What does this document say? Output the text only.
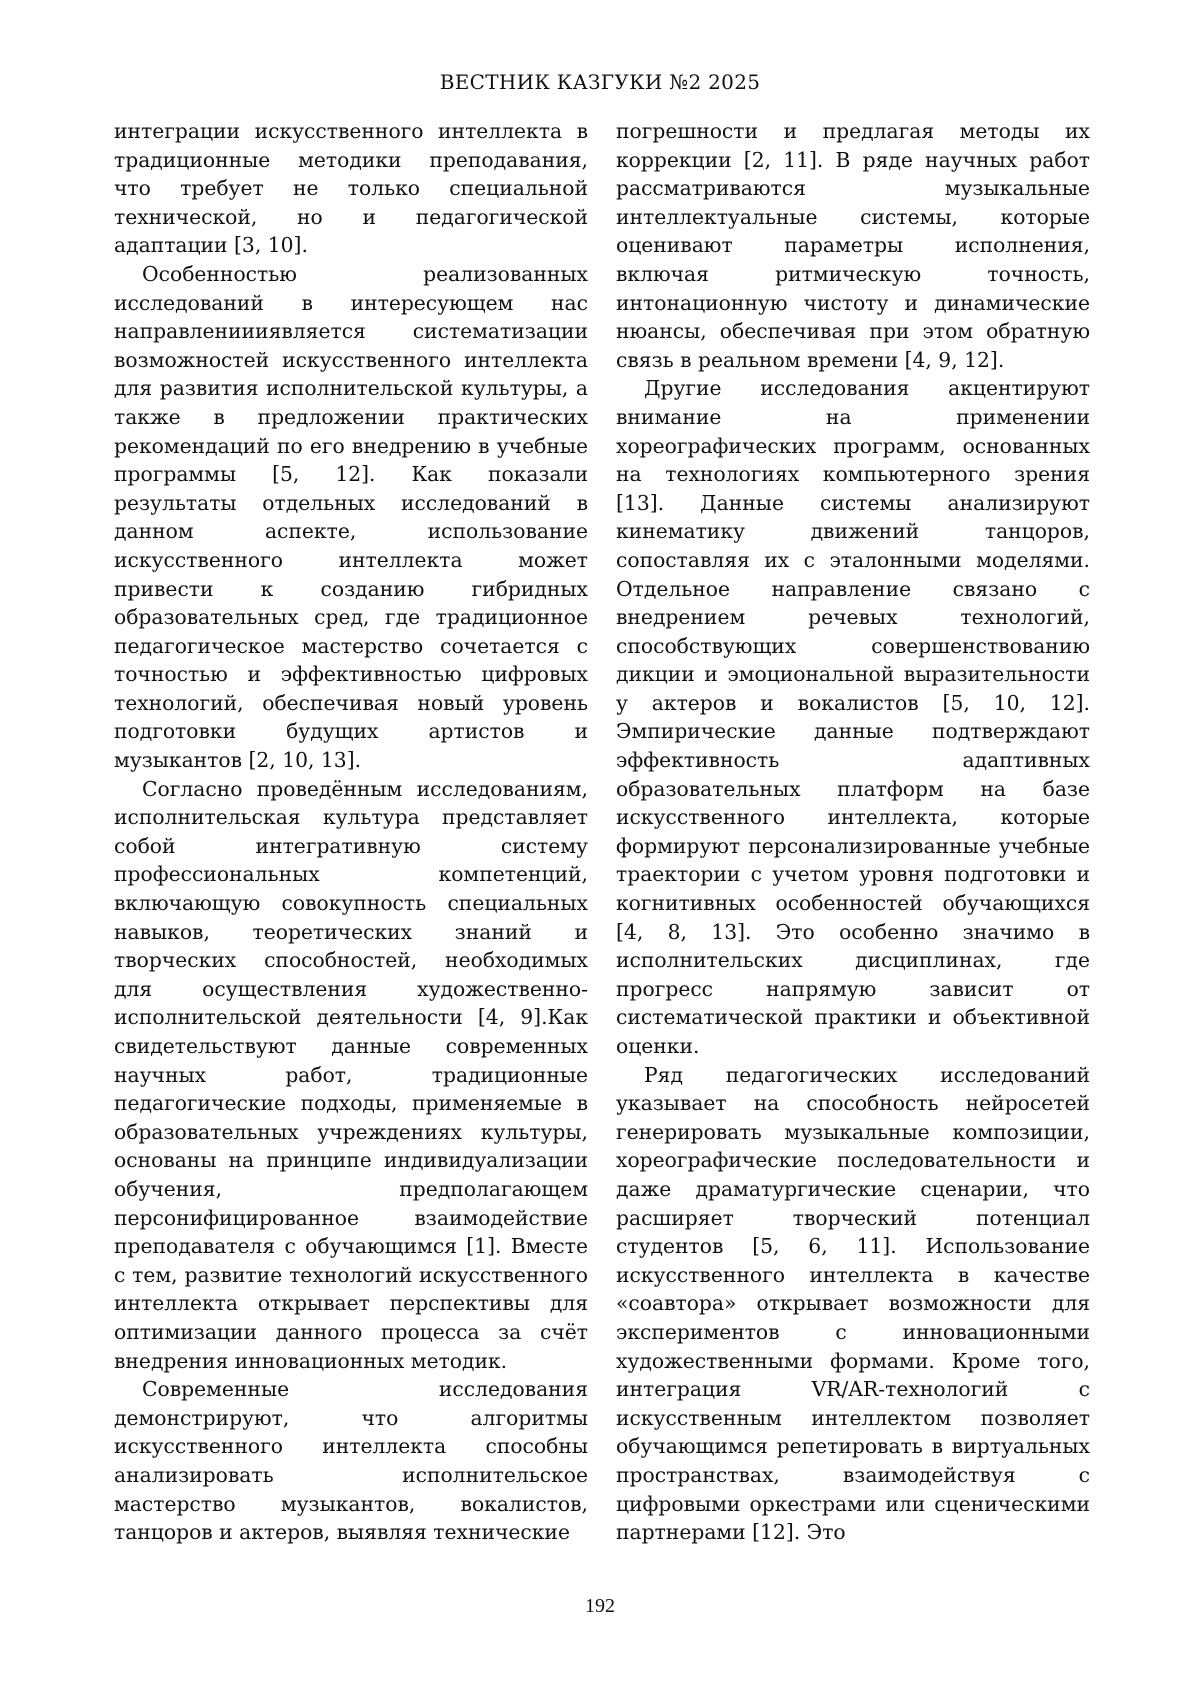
ВЕСТНИК КАЗГУКИ №2 2025

интеграции искусственного интеллекта в традиционные методики преподавания, что требует не только специальной технической, но и педагогической адаптации [3, 10].

Особенностью реализованных исследований в интересующем нас направлениииявляется систематизации возможностей искусственного интеллекта для развития исполнительской культуры, а также в предложении практических рекомендаций по его внедрению в учебные программы [5, 12]. Как показали результаты отдельных исследований в данном аспекте, использование искусственного интеллекта может привести к созданию гибридных образовательных сред, где традиционное педагогическое мастерство сочетается с точностью и эффективностью цифровых технологий, обеспечивая новый уровень подготовки будущих артистов и музыкантов [2, 10, 13].

Согласно проведённым исследованиям, исполнительская культура представляет собой интегративную систему профессиональных компетенций, включающую совокупность специальных навыков, теоретических знаний и творческих способностей, необходимых для осуществления художественно-исполнительской деятельности [4, 9].Как свидетельствуют данные современных научных работ, традиционные педагогические подходы, применяемые в образовательных учреждениях культуры, основаны на принципе индивидуализации обучения, предполагающем персонифицированное взаимодействие преподавателя с обучающимся [1]. Вместе с тем, развитие технологий искусственного интеллекта открывает перспективы для оптимизации данного процесса за счёт внедрения инновационных методик.

Современные исследования демонстрируют, что алгоритмы искусственного интеллекта способны анализировать исполнительское мастерство музыкантов, вокалистов, танцоров и актеров, выявляя технические

погрешности и предлагая методы их коррекции [2, 11]. В ряде научных работ рассматриваются музыкальные интеллектуальные системы, которые оценивают параметры исполнения, включая ритмическую точность, интонационную чистоту и динамические нюансы, обеспечивая при этом обратную связь в реальном времени [4, 9, 12].

Другие исследования акцентируют внимание на применении хореографических программ, основанных на технологиях компьютерного зрения [13]. Данные системы анализируют кинематику движений танцоров, сопоставляя их с эталонными моделями. Отдельное направление связано с внедрением речевых технологий, способствующих совершенствованию дикции и эмоциональной выразительности у актеров и вокалистов [5, 10, 12]. Эмпирические данные подтверждают эффективность адаптивных образовательных платформ на базе искусственного интеллекта, которые формируют персонализированные учебные траектории с учетом уровня подготовки и когнитивных особенностей обучающихся [4, 8, 13]. Это особенно значимо в исполнительских дисциплинах, где прогресс напрямую зависит от систематической практики и объективной оценки.

Ряд педагогических исследований указывает на способность нейросетей генерировать музыкальные композиции, хореографические последовательности и даже драматургические сценарии, что расширяет творческий потенциал студентов [5, 6, 11]. Использование искусственного интеллекта в качестве «соавтора» открывает возможности для экспериментов с инновационными художественными формами. Кроме того, интеграция VR/AR-технологий с искусственным интеллектом позволяет обучающимся репетировать в виртуальных пространствах, взаимодействуя с цифровыми оркестрами или сценическими партнерами [12]. Это

192
